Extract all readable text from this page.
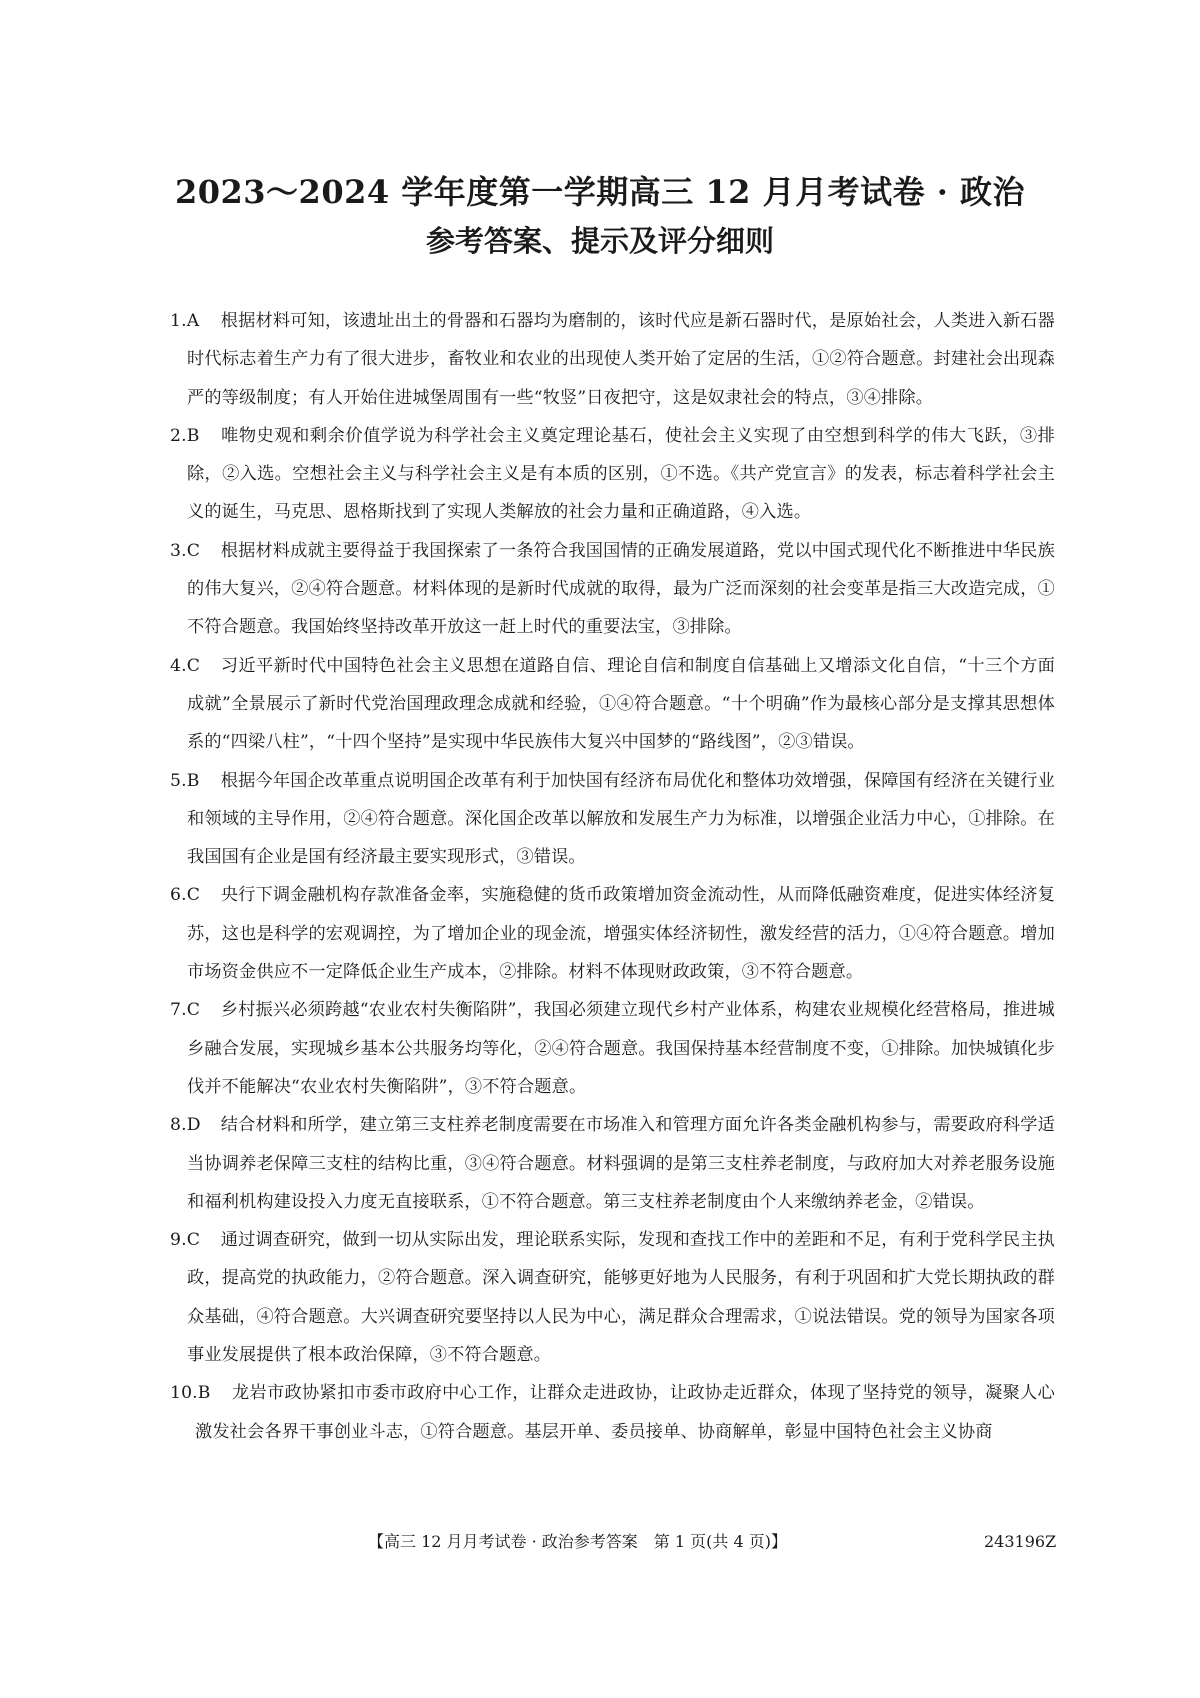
2023～2024 学年度第一学期高三 12 月月考试卷 · 政治
参考答案、提示及评分细则

1.A 根据材料可知，该遗址出土的骨器和石器均为磨制的，该时代应是新石器时代，是原始社会，人类进入新石器时代标志着生产力有了很大进步，畜牧业和农业的出现使人类开始了定居的生活，①②符合题意。封建社会出现森严的等级制度；有人开始住进城堡周围有一些“牧竖”日夜把守，这是奴隶社会的特点，③④排除。

2.B 唯物史观和剩余价值学说为科学社会主义奠定理论基石，使社会主义实现了由空想到科学的伟大飞跃，③排除，②入选。空想社会主义与科学社会主义是有本质的区别，①不选。《共产党宣言》的发表，标志着科学社会主义的诞生，马克思、恩格斯找到了实现人类解放的社会力量和正确道路，④入选。

3.C 根据材料成就主要得益于我国探索了一条符合我国国情的正确发展道路，党以中国式现代化不断推进中华民族的伟大复兴，②④符合题意。材料体现的是新时代成就的取得，最为广泛而深刻的社会变革是指三大改造完成，①不符合题意。我国始终坚持改革开放这一赶上时代的重要法宝，③排除。

4.C 习近平新时代中国特色社会主义思想在道路自信、理论自信和制度自信基础上又增添文化自信，“十三个方面成就”全景展示了新时代党治国理政理念成就和经验，①④符合题意。“十个明确”作为最核心部分是支撑其思想体系的“四梁八柱”，“十四个坚持”是实现中华民族伟大复兴中国梦的“路线图”，②③错误。

5.B 根据今年国企改革重点说明国企改革有利于加快国有经济布局优化和整体功效增强，保障国有经济在关键行业和领域的主导作用，②④符合题意。深化国企改革以解放和发展生产力为标准，以增强企业活力中心，①排除。在我国国有企业是国有经济最主要实现形式，③错误。

6.C 央行下调金融机构存款准备金率，实施稳健的货币政策增加资金流动性，从而降低融资难度，促进实体经济复苏，这也是科学的宏观调控，为了增加企业的现金流，增强实体经济韧性，激发经营的活力，①④符合题意。增加市场资金供应不一定降低企业生产成本，②排除。材料不体现财政政策，③不符合题意。

7.C 乡村振兴必须跨越“农业农村失衡陷阱”，我国必须建立现代乡村产业体系，构建农业规模化经营格局，推进城乡融合发展，实现城乡基本公共服务均等化，②④符合题意。我国保持基本经营制度不变，①排除。加快城镇化步伐并不能解决“农业农村失衡陷阱”，③不符合题意。

8.D 结合材料和所学，建立第三支柱养老制度需要在市场准入和管理方面允许各类金融机构参与，需要政府科学适当协调养老保障三支柱的结构比重，③④符合题意。材料强调的是第三支柱养老制度，与政府加大对养老服务设施和福利机构建设投入力度无直接联系，①不符合题意。第三支柱养老制度由个人来缴纳养老金，②错误。

9.C 通过调查研究，做到一切从实际出发，理论联系实际，发现和查找工作中的差距和不足，有利于党科学民主执政，提高党的执政能力，②符合题意。深入调查研究，能够更好地为人民服务，有利于巩固和扩大党长期执政的群众基础，④符合题意。大兴调查研究要坚持以人民为中心，满足群众合理需求，①说法错误。党的领导为国家各项事业发展提供了根本政治保障，③不符合题意。

10.B 龙岩市政协紧扣市委市政府中心工作，让群众走进政协，让政协走近群众，体现了坚持党的领导，凝聚人心激发社会各界干事创业斗志，①符合题意。基层开单、委员接单、协商解单，彰显中国特色社会主义协商

【高三 12 月月考试卷 · 政治参考答案　第 1 页(共 4 页)】	243196Z
